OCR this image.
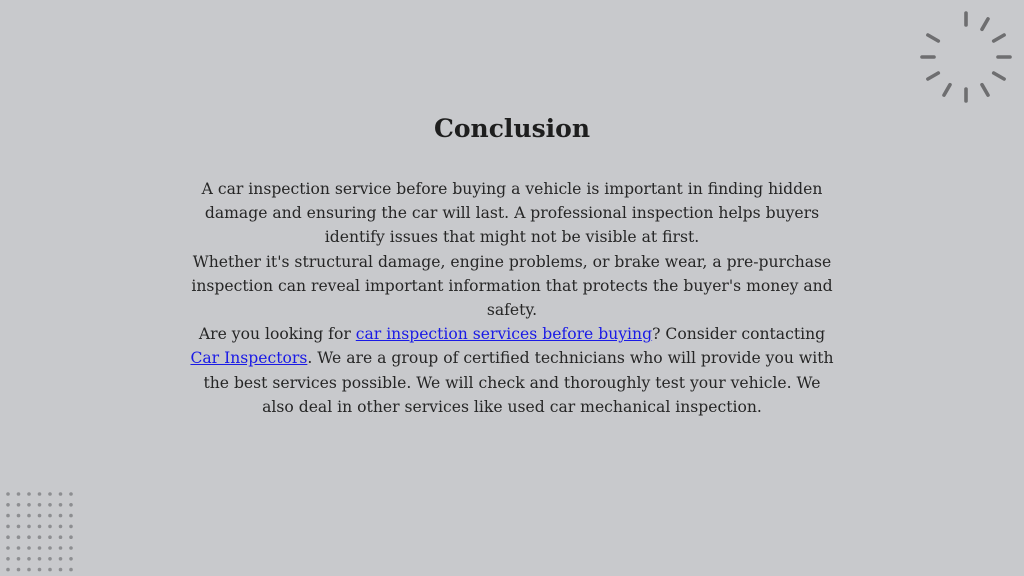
Conclusion

A car inspection service before buying a vehicle is important in finding hidden damage and ensuring the car will last. A professional inspection helps buyers identify issues that might not be visible at first.

Whether it's structural damage, engine problems, or brake wear, a pre-purchase inspection can reveal important information that protects the buyer's money and safety.

Are you looking for car inspection services before buying? Consider contacting Car Inspectors. We are a group of certified technicians who will provide you with the best services possible. We will check and thoroughly test your vehicle. We also deal in other services like used car mechanical inspection.
